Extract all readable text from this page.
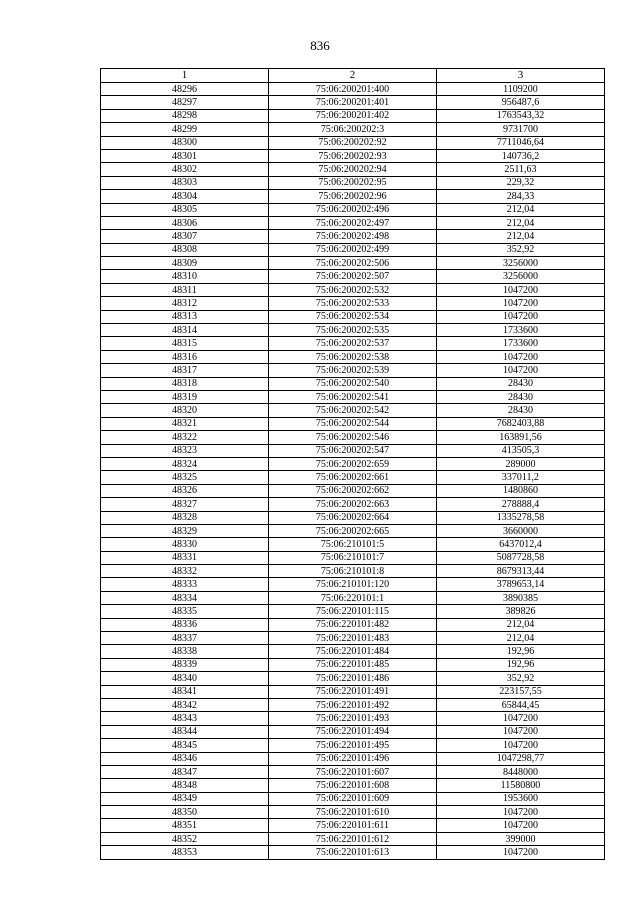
836
1	2	3
48296	75:06:200201:400	1109200
48297	75:06:200201:401	956487,6
48298	75:06:200201:402	1763543,32
48299	75:06:200202:3	9731700
48300	75:06:200202:92	7711046,64
48301	75:06:200202:93	140736,2
48302	75:06:200202:94	2511,63
48303	75:06:200202:95	229,32
48304	75:06:200202:96	284,33
48305	75:06:200202:496	212,04
48306	75:06:200202:497	212,04
48307	75:06:200202:498	212,04
48308	75:06:200202:499	352,92
48309	75:06:200202:506	3256000
48310	75:06:200202:507	3256000
48311	75:06:200202:532	1047200
48312	75:06:200202:533	1047200
48313	75:06:200202:534	1047200
48314	75:06:200202:535	1733600
48315	75:06:200202:537	1733600
48316	75:06:200202:538	1047200
48317	75:06:200202:539	1047200
48318	75:06:200202:540	28430
48319	75:06:200202:541	28430
48320	75:06:200202:542	28430
48321	75:06:200202:544	7682403,88
48322	75:06:200202:546	163891,56
48323	75:06:200202:547	413505,3
48324	75:06:200202:659	289000
48325	75:06:200202:661	337011,2
48326	75:06:200202:662	1480860
48327	75:06:200202:663	278888,4
48328	75:06:200202:664	1335278,58
48329	75:06:200202:665	3660000
48330	75:06:210101:5	6437012,4
48331	75:06:210101:7	5087728,58
48332	75:06:210101:8	8679313,44
48333	75:06:210101:120	3789653,14
48334	75:06:220101:1	3890385
48335	75:06:220101:115	389826
48336	75:06:220101:482	212,04
48337	75:06:220101:483	212,04
48338	75:06:220101:484	192,96
48339	75:06:220101:485	192,96
48340	75:06:220101:486	352,92
48341	75:06:220101:491	223157,55
48342	75:06:220101:492	65844,45
48343	75:06:220101:493	1047200
48344	75:06:220101:494	1047200
48345	75:06:220101:495	1047200
48346	75:06:220101:496	1047298,77
48347	75:06:220101:607	8448000
48348	75:06:220101:608	11580800
48349	75:06:220101:609	1953600
48350	75:06:220101:610	1047200
48351	75:06:220101:611	1047200
48352	75:06:220101:612	399000
48353	75:06:220101:613	1047200
